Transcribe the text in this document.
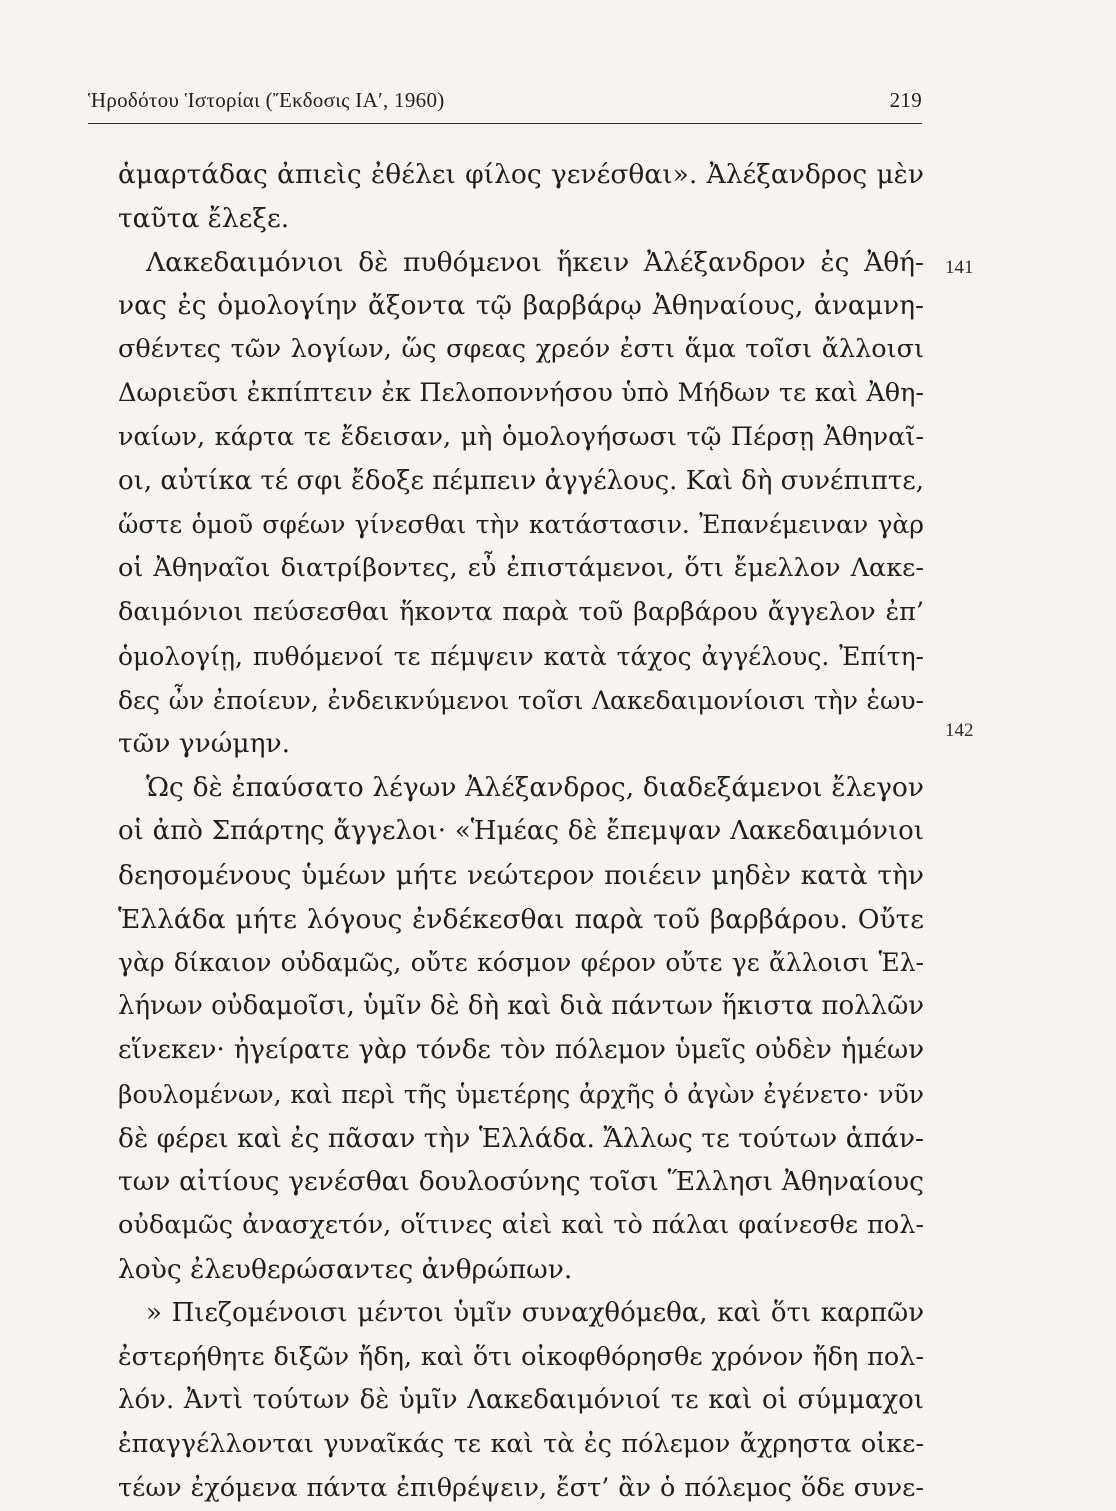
Ἡροδότου Ἱστορίαι (Ἔκδοσις ΙΑʹ, 1960)	219
141
142
ἁμαρτάδας ἀπιεὶς ἐθέλει φίλος γενέσθαι». Ἀλέξανδρος μὲν
ταῦτα ἔλεξε.
Λακεδαιμόνιοι δὲ πυθόμενοι ἥκειν Ἀλέξανδρον ἐς Ἀθή-
νας ἐς ὁμολογίην ἄξοντα τῷ βαρβάρῳ Ἀθηναίους, ἀναμνη-
σθέντες τῶν λογίων, ὥς σφεας χρεόν ἐστι ἅμα τοῖσι ἄλλοισι
Δωριεῦσι ἐκπίπτειν ἐκ Πελοποννήσου ὑπὸ Μήδων τε καὶ Ἀθη-
ναίων, κάρτα τε ἔδεισαν, μὴ ὁμολογήσωσι τῷ Πέρσῃ Ἀθηναῖ-
οι, αὐτίκα τέ σφι ἔδοξε πέμπειν ἀγγέλους. Καὶ δὴ συνέπιπτε,
ὥστε ὁμοῦ σφέων γίνεσθαι τὴν κατάστασιν. Ἐπανέμειναν γὰρ
οἱ Ἀθηναῖοι διατρίβοντες, εὖ ἐπιστάμενοι, ὅτι ἔμελλον Λακε-
δαιμόνιοι πεύσεσθαι ἥκοντα παρὰ τοῦ βαρβάρου ἄγγελον ἐπ’
ὁμολογίῃ, πυθόμενοί τε πέμψειν κατὰ τάχος ἀγγέλους. Ἐπίτη-
δες ὦν ἐποίευν, ἐνδεικνύμενοι τοῖσι Λακεδαιμονίοισι τὴν ἑωυ-
τῶν γνώμην.
Ὡς δὲ ἐπαύσατο λέγων Ἀλέξανδρος, διαδεξάμενοι ἔλεγον
οἱ ἀπὸ Σπάρτης ἄγγελοι· «Ἡμέας δὲ ἔπεμψαν Λακεδαιμόνιοι
δεησομένους ὑμέων μήτε νεώτερον ποιέειν μηδὲν κατὰ τὴν
Ἑλλάδα μήτε λόγους ἐνδέκεσθαι παρὰ τοῦ βαρβάρου. Οὔτε
γὰρ δίκαιον οὐδαμῶς, οὔτε κόσμον φέρον οὔτε γε ἄλλοισι Ἑλ-
λήνων οὐδαμοῖσι, ὑμῖν δὲ δὴ καὶ διὰ πάντων ἥκιστα πολλῶν
εἵνεκεν· ἠγείρατε γὰρ τόνδε τὸν πόλεμον ὑμεῖς οὐδὲν ἡμέων
βουλομένων, καὶ περὶ τῆς ὑμετέρης ἀρχῆς ὁ ἀγὼν ἐγένετο· νῦν
δὲ φέρει καὶ ἐς πᾶσαν τὴν Ἑλλάδα. Ἄλλως τε τούτων ἁπάν-
των αἰτίους γενέσθαι δουλοσύνης τοῖσι Ἕλλησι Ἀθηναίους
οὐδαμῶς ἀνασχετόν, οἵτινες αἰεὶ καὶ τὸ πάλαι φαίνεσθε πολ-
λοὺς ἐλευθερώσαντες ἀνθρώπων.
» Πιεζομένοισι μέντοι ὑμῖν συναχθόμεθα, καὶ ὅτι καρπῶν
ἐστερήθητε διξῶν ἤδη, καὶ ὅτι οἰκοφθόρησθε χρόνον ἤδη πολ-
λόν. Ἀντὶ τούτων δὲ ὑμῖν Λακεδαιμόνιοί τε καὶ οἱ σύμμαχοι
ἐπαγγέλλονται γυναῖκάς τε καὶ τὰ ἐς πόλεμον ἄχρηστα οἰκε-
τέων ἐχόμενα πάντα ἐπιθρέψειν, ἔστ’ ἂν ὁ πόλεμος ὅδε συνε-
